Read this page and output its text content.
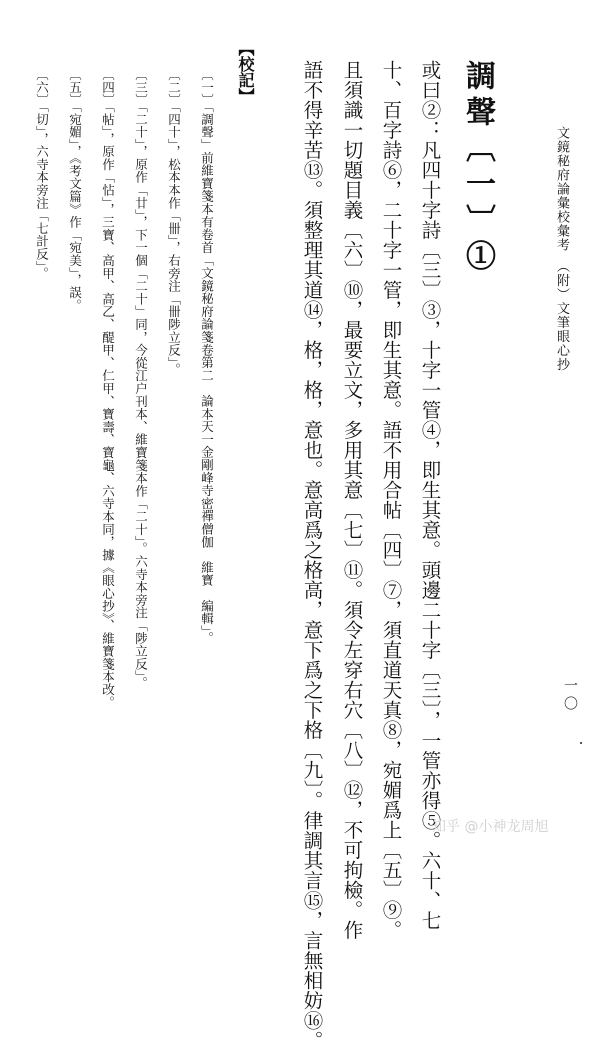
文鏡秘府論彙校彙考　（附）文筆眼心抄
調聲〔一〕①
或曰②：凡四十字詩〔三〕③，十字一管④，即生其意。頭邊二十字〔三〕，一管亦得⑤。六十、七
十、百字詩⑥，二十字一管，即生其意。語不用合帖〔四〕⑦，須直道天真⑧，宛媚爲上〔五〕⑨。
且須識一切題目義〔六〕⑩，最要立文，多用其意〔七〕⑪。須令左穿右穴〔八〕⑫，不可拘檢。作
語不得辛苦⑬。須整理其道⑭，格，格，意也。意高爲之格高，意下爲之下格〔九〕。律調其言⑮，言無相妨⑯。
【校記】
〔一〕「調聲」前維寶箋本有卷首「文鏡秘府論箋卷第二　論本天一金剛峰寺密禪僧伽　維寶　編輯」。
〔二〕「四十」，松本本作「卌」，右旁注「卌陟立反」。
〔三〕「二十」，原作「廿」，下一個「二十」同，今從江户刊本、維寶箋本作「二十」。六寺本旁注「陟立反」。
〔四〕「帖」，原作「怗」，三寶、高甲、高乙、醍甲、仁甲、寶壽、寶龜、六寺本同，據《眼心抄》、維寶箋本改。
〔五〕「宛媚」，《考文篇》作「宛美」，誤。
〔六〕「切」，六寺本旁注「七計反」。
一〇
知乎 @小神龙周旭
